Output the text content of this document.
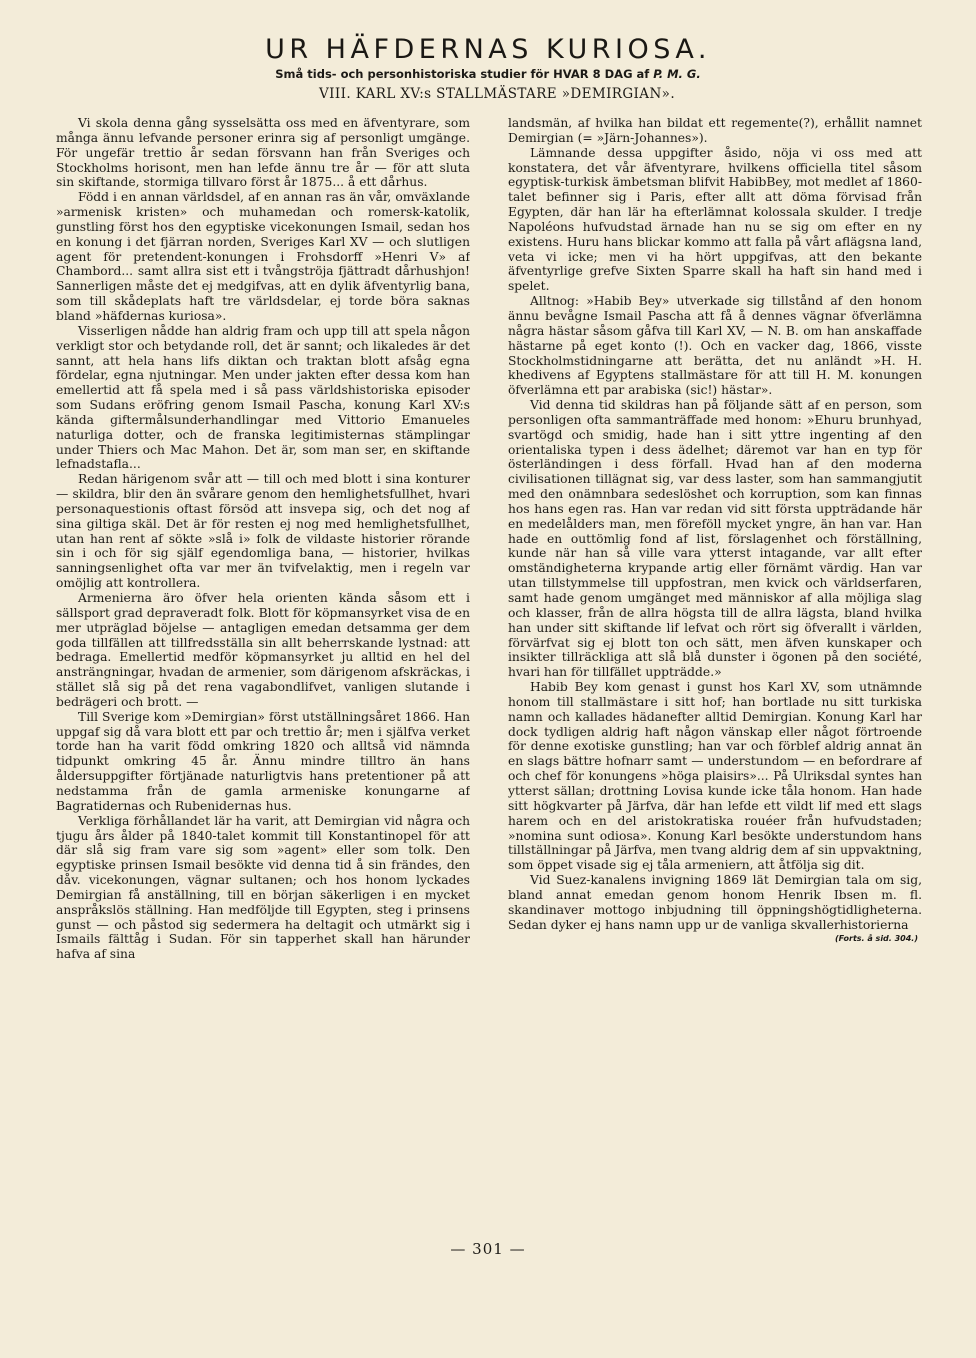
UR HÄFDERNAS KURIOSA.
Små tids- och personhistoriska studier för HVAR 8 DAG af P. M. G.
VIII. KARL XV:s STALLMÄSTARE »DEMIRGIAN».

Vi skola denna gång sysselsätta oss med en äfventyrare, som många ännu lefvande personer erinra sig af personligt umgänge. För ungefär trettio år sedan försvann han från Sveriges och Stockholms horisont, men han lefde ännu tre år — för att sluta sin skiftande, stormiga tillvaro först år 1875... å ett dårhus.

Född i en annan världsdel, af en annan ras än vår, omväxlande »armenisk kristen» och muhamedan och romersk-katolik, gunstling först hos den egyptiske vicekonungen Ismail, sedan hos en konung i det fjärran norden, Sveriges Karl XV — och slutligen agent för pretendent-konungen i Frohsdorff »Henri V» af Chambord... samt allra sist ett i tvångströja fjättradt dårhushjon! Sannerligen måste det ej medgifvas, att en dylik äfventyrlig bana, som till skådeplats haft tre världsdelar, ej torde böra saknas bland »häfdernas kuriosa».

Visserligen nådde han aldrig fram och upp till att spela någon verkligt stor och betydande roll, det är sannt; och likaledes är det sannt, att hela hans lifs diktan och traktan blott afsåg egna fördelar, egna njutningar. Men under jakten efter dessa kom han emellertid att få spela med i så pass världshistoriska episoder som Sudans eröfring genom Ismail Pascha, konung Karl XV:s kända giftermålsunderhandlingar med Vittorio Emanueles naturliga dotter, och de franska legitimisternas stämplingar under Thiers och Mac Mahon. Det är, som man ser, en skiftande lefnadstafla...

Redan härigenom svår att — till och med blott i sina konturer — skildra, blir den än svårare genom den hemlighetsfullhet, hvari personaquestionis oftast försöd att insvepa sig, och det nog af sina giltiga skäl. Det är för resten ej nog med hemlighetsfullhet, utan han rent af sökte »slå i» folk de vildaste historier rörande sin i och för sig själf egendomliga bana, — historier, hvilkas sanningsenlighet ofta var mer än tvifvelaktig, men i regeln var omöjlig att kontrollera.

Armenierna äro öfver hela orienten kända såsom ett i sällsport grad depraveradt folk. Blott för köpmansyrket visa de en mer utpräglad böjelse — antagligen emedan detsamma ger dem goda tillfällen att tillfredsställa sin allt beherrskande lystnad: att bedraga. Emellertid medför köpmansyrket ju alltid en hel del ansträngningar, hvadan de armenier, som därigenom afskräckas, i stället slå sig på det rena vagabondlifvet, vanligen slutande i bedrägeri och brott. —

Till Sverige kom »Demirgian» först utställningsåret 1866. Han uppgaf sig då vara blott ett par och trettio år; men i själfva verket torde han ha varit född omkring 1820 och alltså vid nämnda tidpunkt omkring 45 år. Ännu mindre tilltro än hans åldersuppgifter förtjänade naturligtvis hans pretentioner på att nedstamma från de gamla armeniske konungarne af Bagratidernas och Rubenidernas hus.

Verkliga förhållandet lär ha varit, att Demirgian vid några och tjugu års ålder på 1840-talet kommit till Konstantinopel för att där slå sig fram vare sig som »agent» eller som tolk. Den egyptiske prinsen Ismail besökte vid denna tid å sin frändes, den dåv. vicekonungen, vägnar sultanen; och hos honom lyckades Demirgian få anställning, till en början säkerligen i en mycket anspråkslös ställning. Han medföljde till Egypten, steg i prinsens gunst — och påstod sig sedermera ha deltagit och utmärkt sig i Ismails fälttåg i Sudan. För sin tapperhet skall han härunder hafva af sina

landsmän, af hvilka han bildat ett regemente(?), erhållit namnet Demirgian (= »Järn-Johannes»).

Lämnande dessa uppgifter åsido, nöja vi oss med att konstatera, det vår äfventyrare, hvilkens officiella titel såsom egyptisk-turkisk ämbetsman blifvit HabibBey, mot medlet af 1860-talet befinner sig i Paris, efter allt att döma förvisad från Egypten, där han lär ha efterlämnat kolossala skulder. I tredje Napoléons hufvudstad ärnade han nu se sig om efter en ny existens. Huru hans blickar kommo att falla på vårt aflägsna land, veta vi icke; men vi ha hört uppgifvas, att den bekante äfventyrlige grefve Sixten Sparre skall ha haft sin hand med i spelet.

Alltnog: »Habib Bey» utverkade sig tillstånd af den honom ännu bevågne Ismail Pascha att få å dennes vägnar öfverlämna några hästar såsom gåfva till Karl XV, — N. B. om han anskaffade hästarne på eget konto (!). Och en vacker dag, 1866, visste Stockholmstidningarne att berätta, det nu anländt »H. H. khedivens af Egyptens stallmästare för att till H. M. konungen öfverlämna ett par arabiska (sic!) hästar».

Vid denna tid skildras han på följande sätt af en person, som personligen ofta sammanträffade med honom: »Ehuru brunhyad, svartögd och smidig, hade han i sitt yttre ingenting af den orientaliska typen i dess ädelhet; däremot var han en typ för österländingen i dess förfall. Hvad han af den moderna civilisationen tillägnat sig, var dess laster, som han sammangjutit med den onämnbara sedeslöshet och korruption, som kan finnas hos hans egen ras. Han var redan vid sitt första uppträdande här en medelålders man, men föreföll mycket yngre, än han var. Han hade en outtömlig fond af list, förslagenhet och förställning, kunde när han så ville vara ytterst intagande, var allt efter omständigheterna krypande artig eller förnämt värdig. Han var utan tillstymmelse till uppfostran, men kvick och världserfaren, samt hade genom umgänget med människor af alla möjliga slag och klasser, från de allra högsta till de allra lägsta, bland hvilka han under sitt skiftande lif lefvat och rört sig öfverallt i världen, förvärfvat sig ej blott ton och sätt, men äfven kunskaper och insikter tillräckliga att slå blå dunster i ögonen på den société, hvari han för tillfället uppträdde.»

Habib Bey kom genast i gunst hos Karl XV, som utnämnde honom till stallmästare i sitt hof; han bortlade nu sitt turkiska namn och kallades hädanefter alltid Demirgian. Konung Karl har dock tydligen aldrig haft någon vänskap eller något förtroende för denne exotiske gunstling; han var och förblef aldrig annat än en slags bättre hofnarr samt — understundom — en befordrare af och chef för konungens »höga plaisirs»... På Ulriksdal syntes han ytterst sällan; drottning Lovisa kunde icke tåla honom. Han hade sitt högkvarter på Järfva, där han lefde ett vildt lif med ett slags harem och en del aristokratiska rouéer från hufvudstaden; »nomina sunt odiosa». Konung Karl besökte understundom hans tillställningar på Järfva, men tvang aldrig dem af sin uppvaktning, som öppet visade sig ej tåla armeniern, att åtfölja sig dit.

Vid Suez-kanalens invigning 1869 lät Demirgian tala om sig, bland annat emedan genom honom Henrik Ibsen m. fl. skandinaver mottogo inbjudning till öppningshögtidligheterna. Sedan dyker ej hans namn upp ur de vanliga skvallerhistorierna

(Forts. å sid. 304.)
— 301 —
